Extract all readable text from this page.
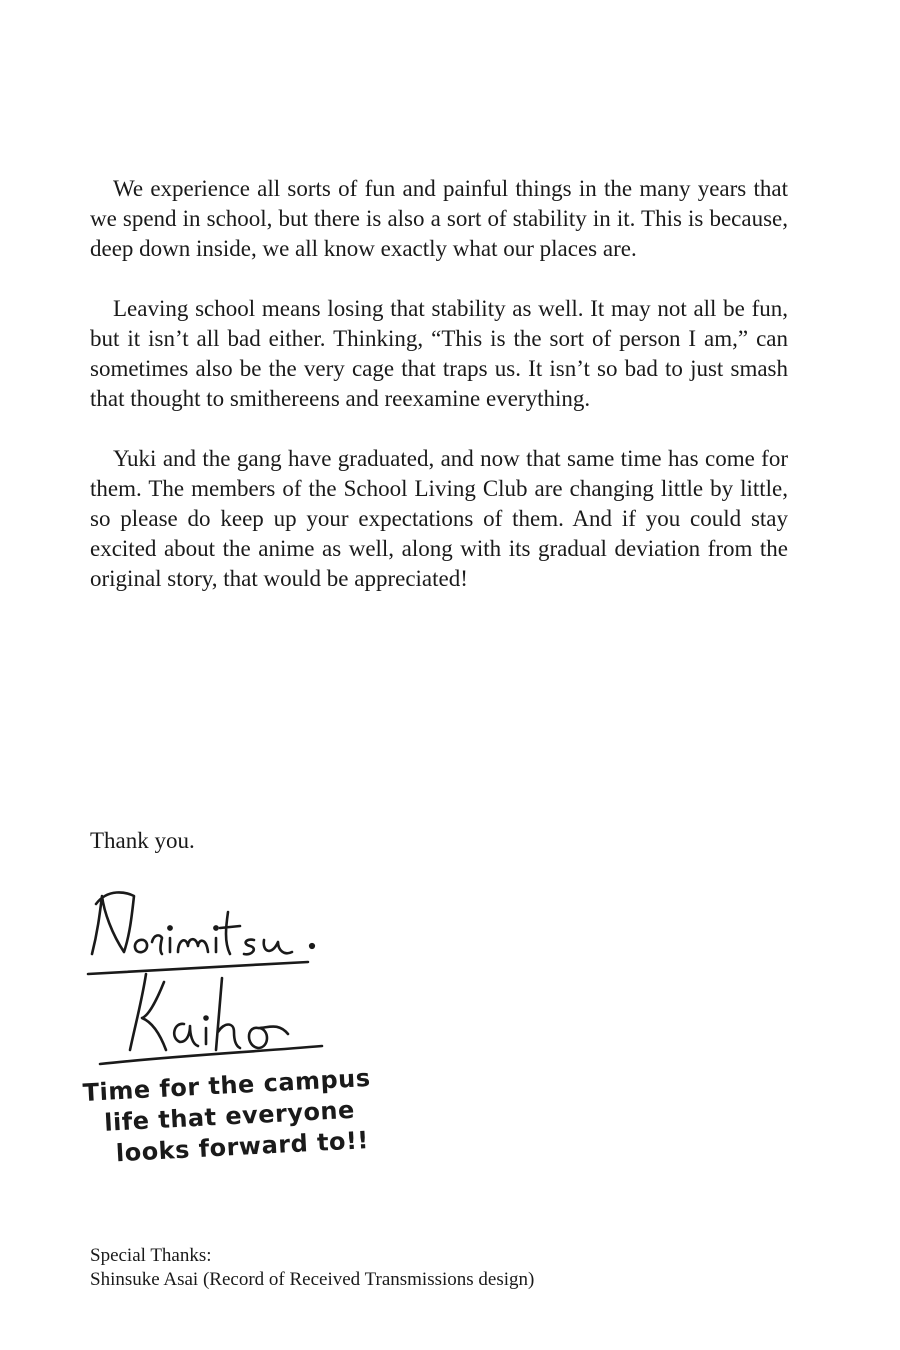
We experience all sorts of fun and painful things in the many years that we spend in school, but there is also a sort of stability in it. This is because, deep down inside, we all know exactly what our places are.

Leaving school means losing that stability as well. It may not all be fun, but it isn’t all bad either. Thinking, “This is the sort of person I am,” can sometimes also be the very cage that traps us. It isn’t so bad to just smash that thought to smithereens and reexamine everything.

Yuki and the gang have graduated, and now that same time has come for them. The members of the School Living Club are changing little by little, so please do keep up your expectations of them. And if you could stay excited about the anime as well, along with its gradual deviation from the original story, that would be appreciated!

Thank you.

Time for the campus
life that everyone
looks forward to!!
Special Thanks:
Shinsuke Asai (Record of Received Transmissions design)
